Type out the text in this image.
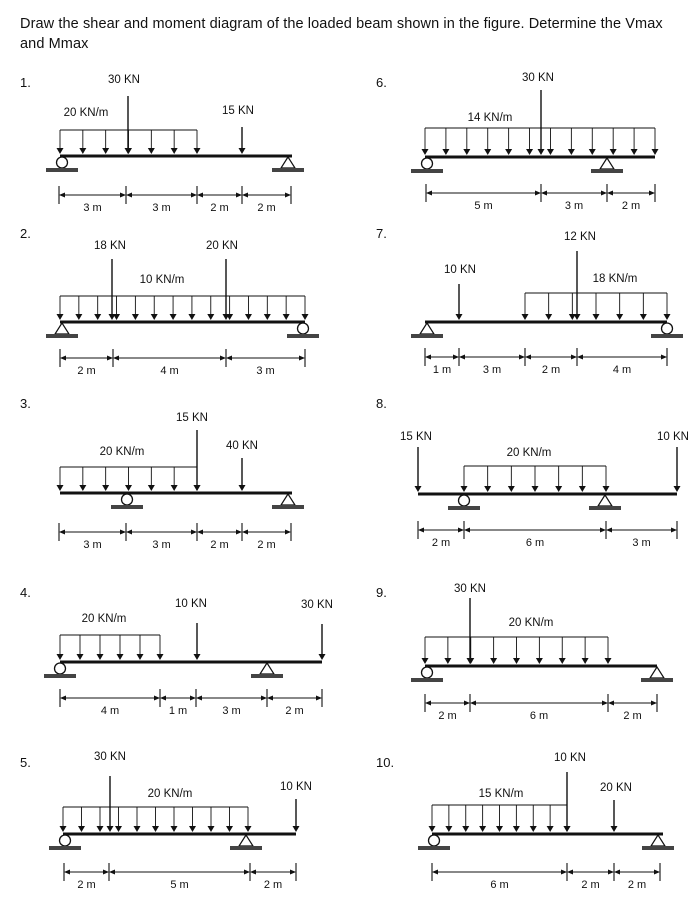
Draw the shear and moment diagram of the loaded beam shown in the figure. Determine the Vmax and Mmax
1.
20 KN/m
30 KN
15 KN
3 m	3 m	2 m	2 m
2.
10 KN/m
18 KN	20 KN
2 m	4 m	3 m
3.
20 KN/m
15 KN
40 KN
3 m	3 m	2 m	2 m
4.
20 KN/m
10 KN	30 KN
4 m	1 m	3 m	2 m
5.
20 KN/m
30 KN
10 KN
2 m	5 m	2 m
6.
14 KN/m
30 KN
5 m	3 m	2 m
7.
18 KN/m
12 KN
10 KN
1 m	3 m	2 m	4 m
8.
20 KN/m
15 KN	10 KN
2 m	6 m	3 m
9.
20 KN/m
30 KN
2 m	6 m	2 m
10.
15 KN/m
10 KN
20 KN
6 m	2 m	2 m
